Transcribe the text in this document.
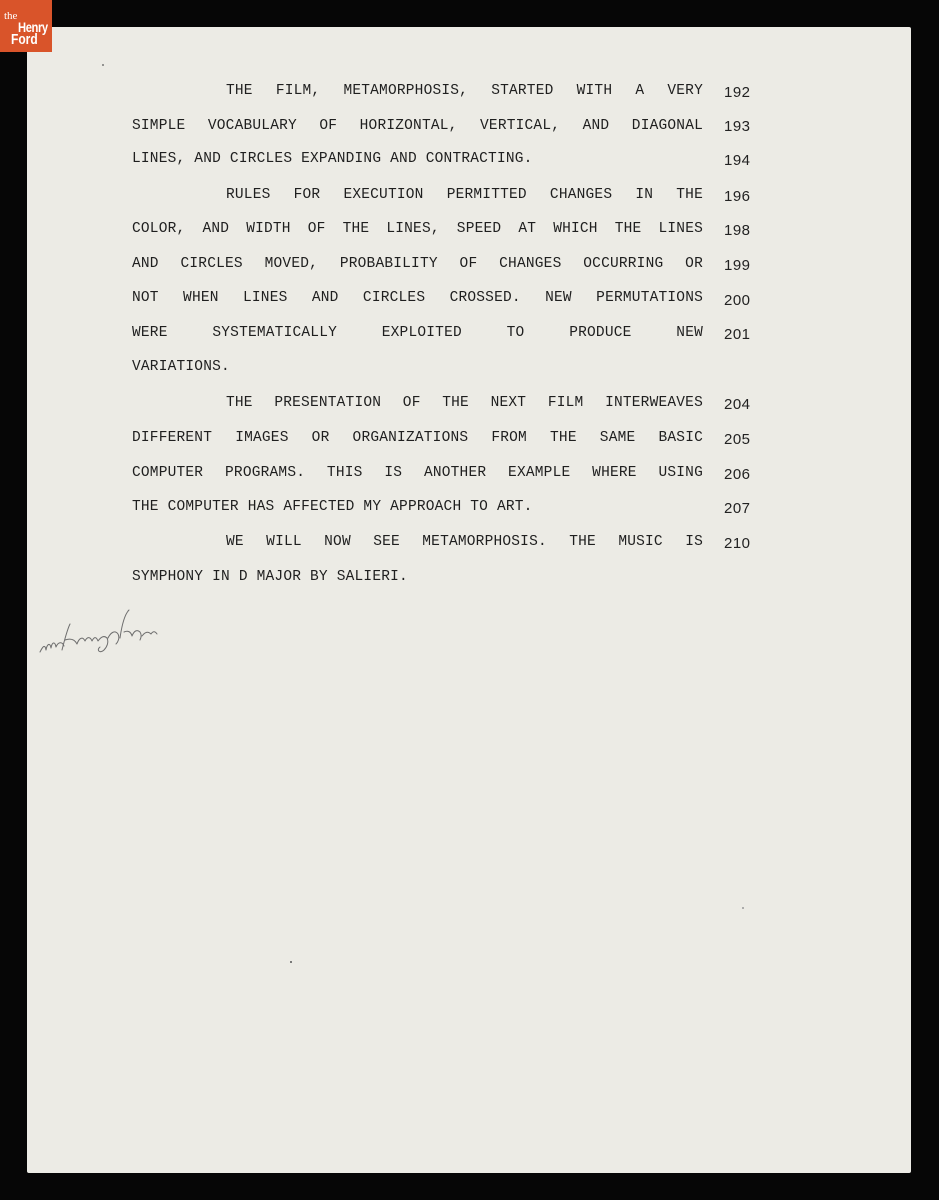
the
Henry
Ford
THE FILM, METAMORPHOSIS, STARTED WITH A VERY 192
SIMPLE VOCABULARY OF HORIZONTAL, VERTICAL, AND DIAGONAL 193
LINES, AND CIRCLES EXPANDING AND CONTRACTING.	194
RULES FOR EXECUTION PERMITTED CHANGES IN THE 196
COLOR, AND WIDTH OF THE LINES, SPEED AT WHICH THE LINES 198
AND CIRCLES MOVED, PROBABILITY OF CHANGES OCCURRING OR 199
NOT WHEN LINES AND CIRCLES CROSSED. NEW PERMUTATIONS 200
WERE SYSTEMATICALLY EXPLOITED TO PRODUCE NEW 201
VARIATIONS.
THE PRESENTATION OF THE NEXT FILM INTERWEAVES 204
DIFFERENT IMAGES OR ORGANIZATIONS FROM THE SAME BASIC 205
COMPUTER PROGRAMS. THIS IS ANOTHER EXAMPLE WHERE USING 206
THE COMPUTER HAS AFFECTED MY APPROACH TO ART.	207
WE WILL NOW SEE METAMORPHOSIS. THE MUSIC IS 210
SYMPHONY IN D MAJOR BY SALIERI.
